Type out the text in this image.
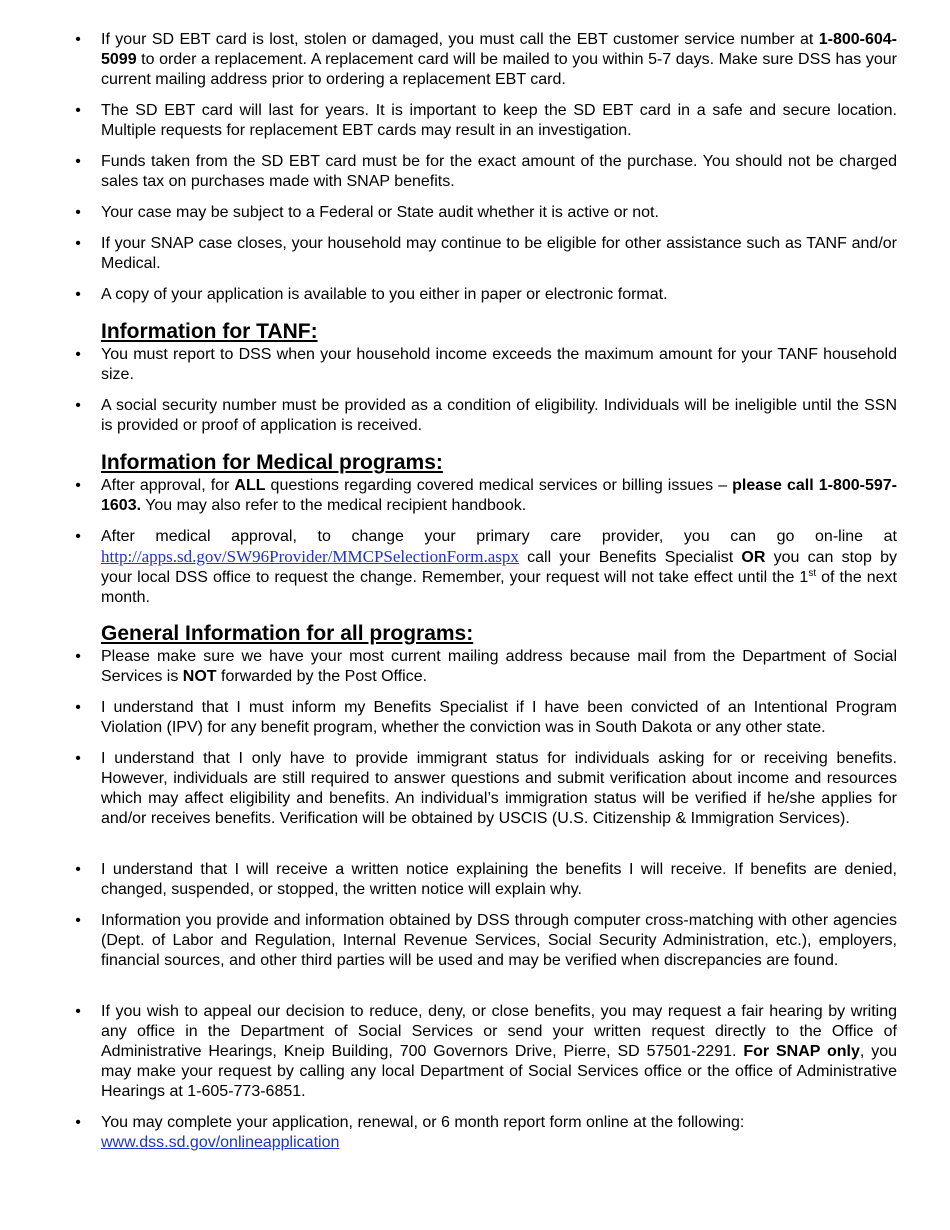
• If your SD EBT card is lost, stolen or damaged, you must call the EBT customer service number at 1-800-604-5099 to order a replacement. A replacement card will be mailed to you within 5-7 days. Make sure DSS has your current mailing address prior to ordering a replacement EBT card.
• The SD EBT card will last for years. It is important to keep the SD EBT card in a safe and secure location. Multiple requests for replacement EBT cards may result in an investigation.
• Funds taken from the SD EBT card must be for the exact amount of the purchase. You should not be charged sales tax on purchases made with SNAP benefits.
• Your case may be subject to a Federal or State audit whether it is active or not.
• If your SNAP case closes, your household may continue to be eligible for other assistance such as TANF and/or Medical.
• A copy of your application is available to you either in paper or electronic format.
Information for TANF:
• You must report to DSS when your household income exceeds the maximum amount for your TANF household size.
• A social security number must be provided as a condition of eligibility. Individuals will be ineligible until the SSN is provided or proof of application is received.
Information for Medical programs:
• After approval, for ALL questions regarding covered medical services or billing issues – please call 1-800-597-1603. You may also refer to the medical recipient handbook.
• After medical approval, to change your primary care provider, you can go on-line at http://apps.sd.gov/SW96Provider/MMCPSelectionForm.aspx call your Benefits Specialist OR you can stop by your local DSS office to request the change. Remember, your request will not take effect until the 1st of the next month.
General Information for all programs:
• Please make sure we have your most current mailing address because mail from the Department of Social Services is NOT forwarded by the Post Office.
• I understand that I must inform my Benefits Specialist if I have been convicted of an Intentional Program Violation (IPV) for any benefit program, whether the conviction was in South Dakota or any other state.
• I understand that I only have to provide immigrant status for individuals asking for or receiving benefits. However, individuals are still required to answer questions and submit verification about income and resources which may affect eligibility and benefits. An individual’s immigration status will be verified if he/she applies for and/or receives benefits. Verification will be obtained by USCIS (U.S. Citizenship & Immigration Services).
• I understand that I will receive a written notice explaining the benefits I will receive. If benefits are denied, changed, suspended, or stopped, the written notice will explain why.
• Information you provide and information obtained by DSS through computer cross-matching with other agencies (Dept. of Labor and Regulation, Internal Revenue Services, Social Security Administration, etc.), employers, financial sources, and other third parties will be used and may be verified when discrepancies are found.
• If you wish to appeal our decision to reduce, deny, or close benefits, you may request a fair hearing by writing any office in the Department of Social Services or send your written request directly to the Office of Administrative Hearings, Kneip Building, 700 Governors Drive, Pierre, SD 57501-2291. For SNAP only, you may make your request by calling any local Department of Social Services office or the office of Administrative Hearings at 1-605-773-6851.
• You may complete your application, renewal, or 6 month report form online at the following:
www.dss.sd.gov/onlineapplication
